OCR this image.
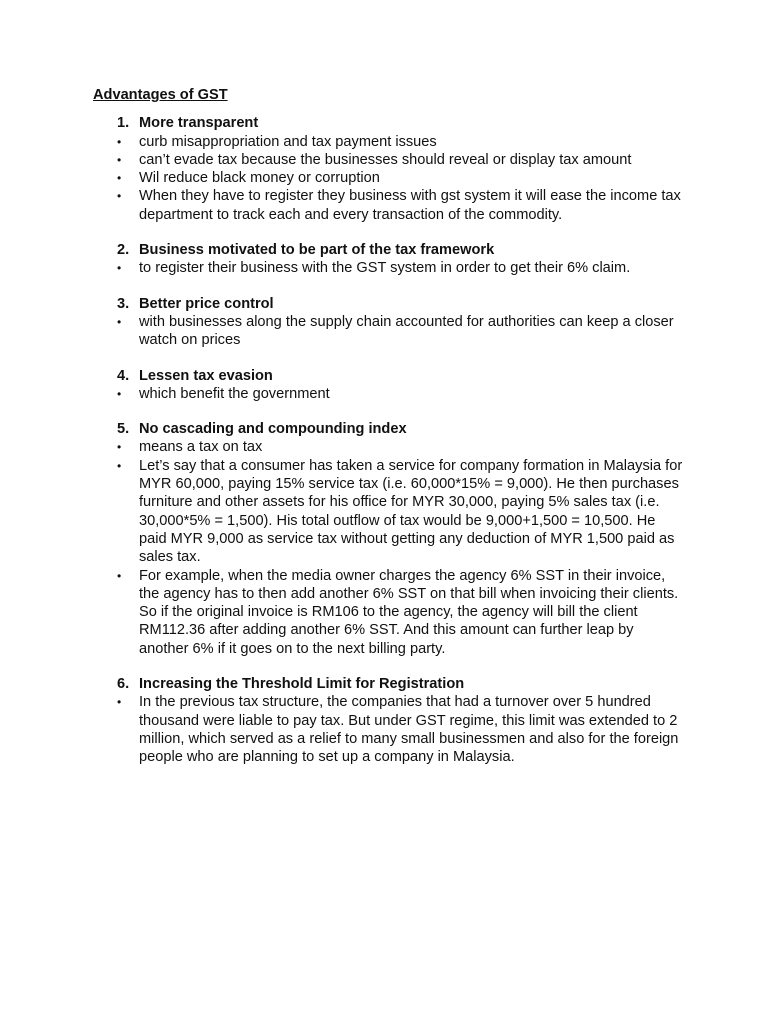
Advantages of GST
1. More transparent
•	curb misappropriation and tax payment issues
•	can’t evade tax because the businesses should reveal or display tax amount
•	Wil reduce black money or corruption
•	When they have to register they business with gst system it will ease the income tax department to track each and every transaction of the commodity.
2. Business motivated to be part of the tax framework
•	to register their business with the GST system in order to get their 6% claim.
3. Better price control
•	with businesses along the supply chain accounted for authorities can keep a closer watch on prices
4. Lessen tax evasion
•	which benefit the government
5. No cascading and compounding index
•	means a tax on tax
•	Let’s say that a consumer has taken a service for company formation in Malaysia for MYR 60,000, paying 15% service tax (i.e. 60,000*15% = 9,000). He then purchases furniture and other assets for his office for MYR 30,000, paying 5% sales tax (i.e. 30,000*5% = 1,500). His total outflow of tax would be 9,000+1,500 = 10,500. He paid MYR 9,000 as service tax without getting any deduction of MYR 1,500 paid as sales tax.
•	For example, when the media owner charges the agency 6% SST in their invoice, the agency has to then add another 6% SST on that bill when invoicing their clients. So if the original invoice is RM106 to the agency, the agency will bill the client RM112.36 after adding another 6% SST. And this amount can further leap by another 6% if it goes on to the next billing party.
6. Increasing the Threshold Limit for Registration
•	In the previous tax structure, the companies that had a turnover over 5 hundred thousand were liable to pay tax. But under GST regime, this limit was extended to 2 million, which served as a relief to many small businessmen and also for the foreign people who are planning to set up a company in Malaysia.
